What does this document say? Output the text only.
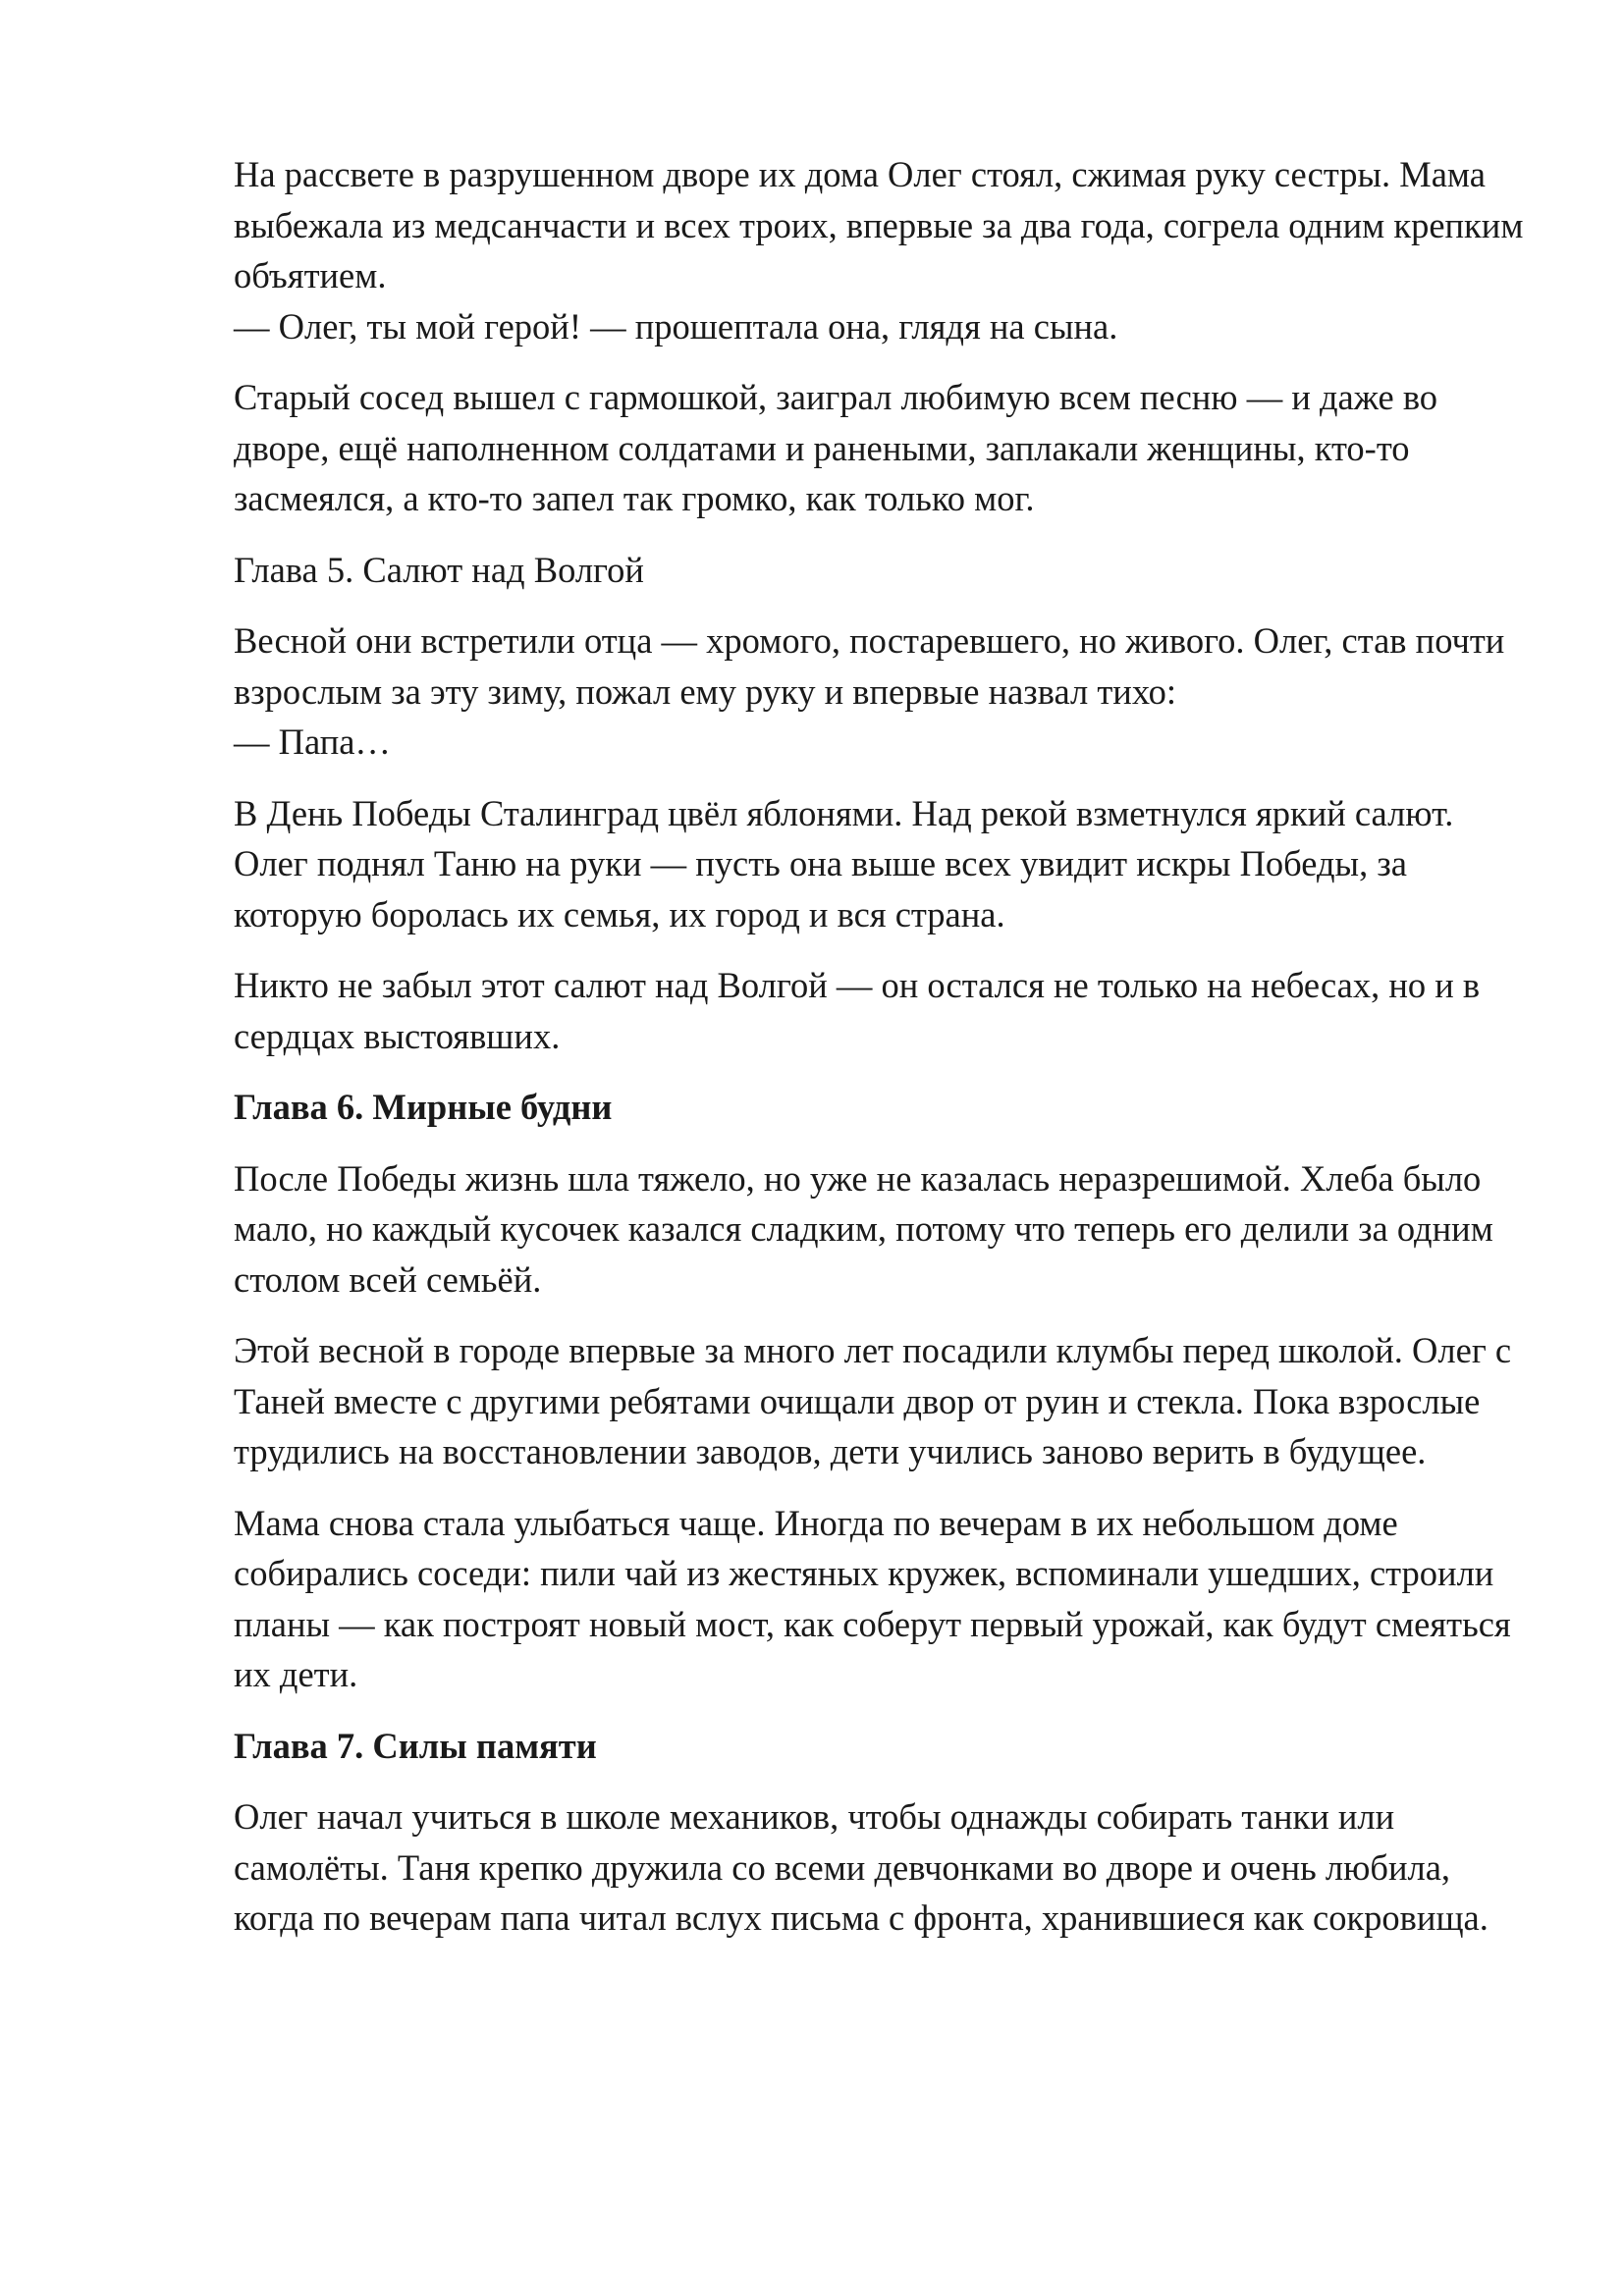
На рассвете в разрушенном дворе их дома Олег стоял, сжимая руку сестры. Мама выбежала из медсанчасти и всех троих, впервые за два года, согрела одним крепким объятием.
— Олег, ты мой герой! — прошептала она, глядя на сына.

Старый сосед вышел с гармошкой, заиграл любимую всем песню — и даже во дворе, ещё наполненном солдатами и ранеными, заплакали женщины, кто-то засмеялся, а кто-то запел так громко, как только мог.

Глава 5. Салют над Волгой

Весной они встретили отца — хромого, постаревшего, но живого. Олег, став почти взрослым за эту зиму, пожал ему руку и впервые назвал тихо:
— Папа…

В День Победы Сталинград цвёл яблонями. Над рекой взметнулся яркий салют. Олег поднял Таню на руки — пусть она выше всех увидит искры Победы, за которую боролась их семья, их город и вся страна.

Никто не забыл этот салют над Волгой — он остался не только на небесах, но и в сердцах выстоявших.

Глава 6. Мирные будни

После Победы жизнь шла тяжело, но уже не казалась неразрешимой. Хлеба было мало, но каждый кусочек казался сладким, потому что теперь его делили за одним столом всей семьёй.

Этой весной в городе впервые за много лет посадили клумбы перед школой. Олег с Таней вместе с другими ребятами очищали двор от руин и стекла. Пока взрослые трудились на восстановлении заводов, дети учились заново верить в будущее.

Мама снова стала улыбаться чаще. Иногда по вечерам в их небольшом доме собирались соседи: пили чай из жестяных кружек, вспоминали ушедших, строили планы — как построят новый мост, как соберут первый урожай, как будут смеяться их дети.

Глава 7. Силы памяти

Олег начал учиться в школе механиков, чтобы однажды собирать танки или самолёты. Таня крепко дружила со всеми девчонками во дворе и очень любила, когда по вечерам папа читал вслух письма с фронта, хранившиеся как сокровища.
